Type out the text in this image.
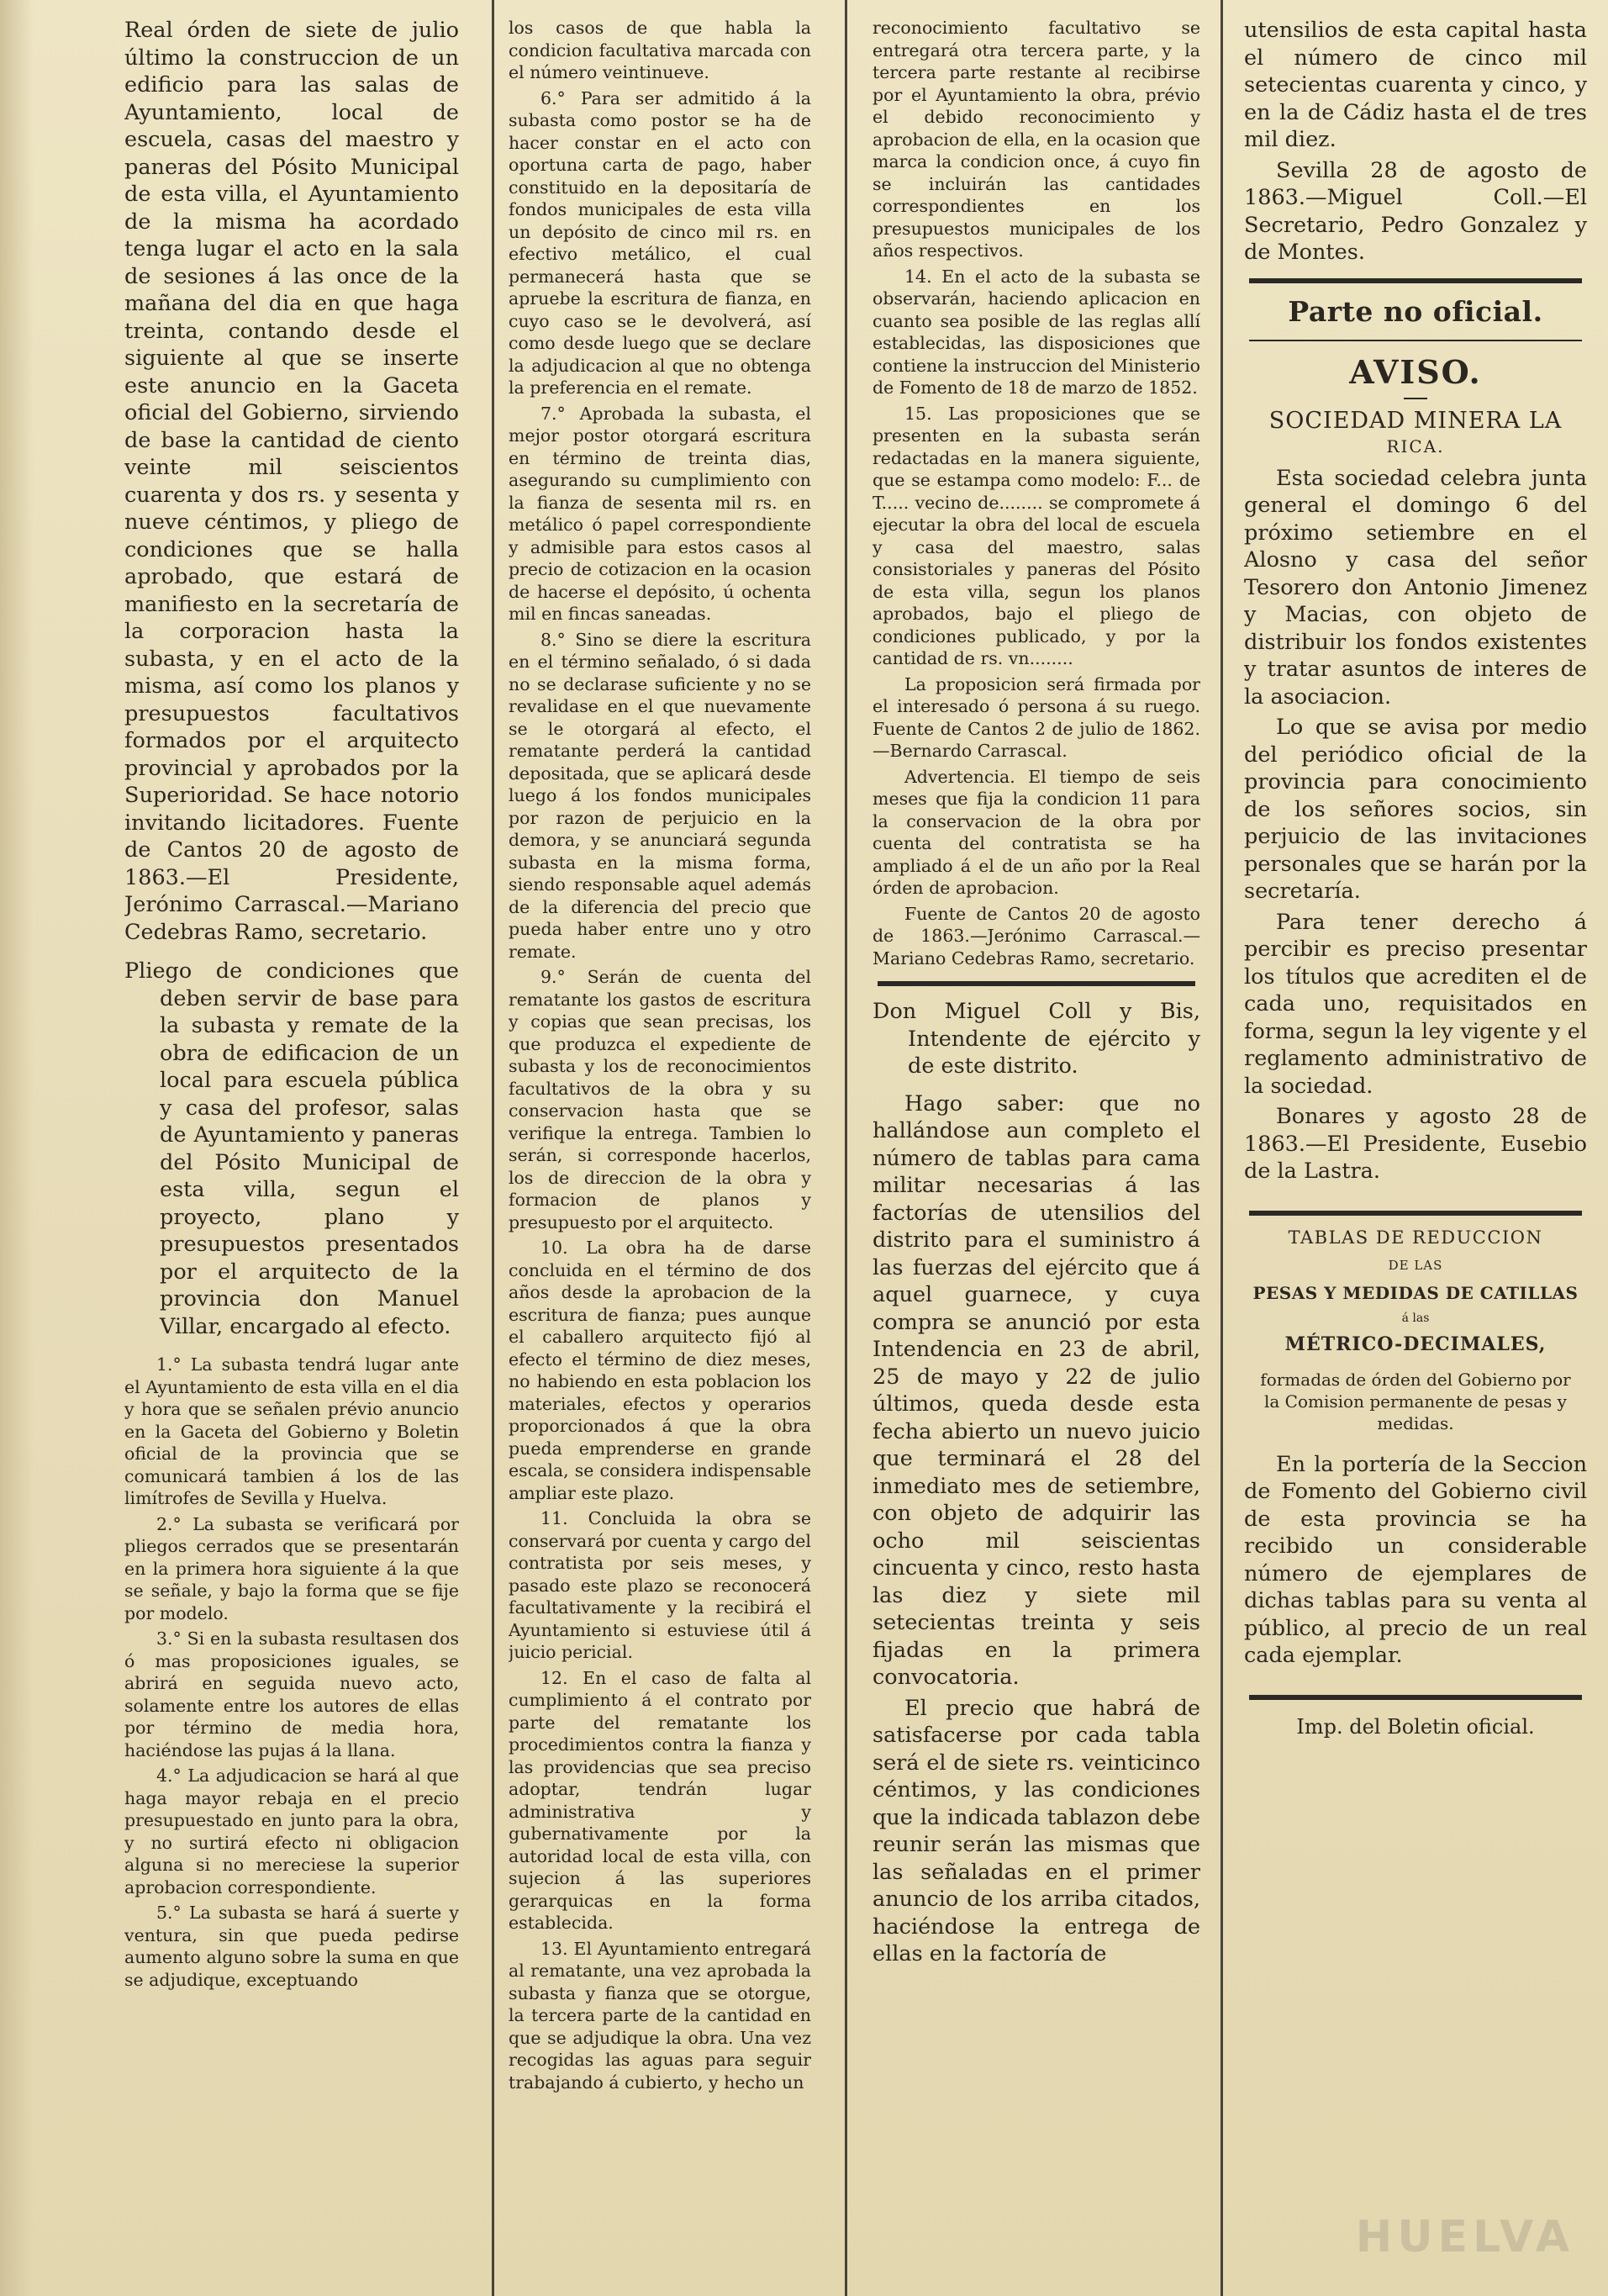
Real órden de siete de julio último la construccion de un edificio para las salas de Ayuntamiento, local de escuela, casas del maestro y paneras del Pósito Municipal de esta villa, el Ayuntamiento de la misma ha acordado tenga lugar el acto en la sala de sesiones á las once de la mañana del dia en que haga treinta, contando desde el siguiente al que se inserte este anuncio en la Gaceta oficial del Gobierno, sirviendo de base la cantidad de ciento veinte mil seiscientos cuarenta y dos rs. y sesenta y nueve céntimos, y pliego de condiciones que se halla aprobado, que estará de manifiesto en la secretaría de la corporacion hasta la subasta, y en el acto de la misma, así como los planos y presupuestos facultativos formados por el arquitecto provincial y aprobados por la Superioridad. Se hace notorio invitando licitadores. Fuente de Cantos 20 de agosto de 1863.—El Presidente, Jerónimo Carrascal.—Mariano Cedebras Ramo, secretario.

Pliego de condiciones que deben servir de base para la subasta y remate de la obra de edificacion de un local para escuela pública y casa del profesor, salas de Ayuntamiento y paneras del Pósito Municipal de esta villa, segun el proyecto, plano y presupuestos presentados por el arquitecto de la provincia don Manuel Villar, encargado al efecto.

1.° La subasta tendrá lugar ante el Ayuntamiento de esta villa en el dia y hora que se señalen prévio anuncio en la Gaceta del Gobierno y Boletin oficial de la provincia que se comunicará tambien á los de las limítrofes de Sevilla y Huelva.

2.° La subasta se verificará por pliegos cerrados que se presentarán en la primera hora siguiente á la que se señale, y bajo la forma que se fije por modelo.

3.° Si en la subasta resultasen dos ó mas proposiciones iguales, se abrirá en seguida nuevo acto, solamente entre los autores de ellas por término de media hora, haciéndose las pujas á la llana.

4.° La adjudicacion se hará al que haga mayor rebaja en el precio presupuestado en junto para la obra, y no surtirá efecto ni obligacion alguna si no mereciese la superior aprobacion correspondiente.

5.° La subasta se hará á suerte y ventura, sin que pueda pedirse aumento alguno sobre la suma en que se adjudique, exceptuando

los casos de que habla la condicion facultativa marcada con el número veintinueve.

6.° Para ser admitido á la subasta como postor se ha de hacer constar en el acto con oportuna carta de pago, haber constituido en la depositaría de fondos municipales de esta villa un depósito de cinco mil rs. en efectivo metálico, el cual permanecerá hasta que se apruebe la escritura de fianza, en cuyo caso se le devolverá, así como desde luego que se declare la adjudicacion al que no obtenga la preferencia en el remate.

7.° Aprobada la subasta, el mejor postor otorgará escritura en término de treinta dias, asegurando su cumplimiento con la fianza de sesenta mil rs. en metálico ó papel correspondiente y admisible para estos casos al precio de cotizacion en la ocasion de hacerse el depósito, ú ochenta mil en fincas saneadas.

8.° Sino se diere la escritura en el término señalado, ó si dada no se declarase suficiente y no se revalidase en el que nuevamente se le otorgará al efecto, el rematante perderá la cantidad depositada, que se aplicará desde luego á los fondos municipales por razon de perjuicio en la demora, y se anunciará segunda subasta en la misma forma, siendo responsable aquel además de la diferencia del precio que pueda haber entre uno y otro remate.

9.° Serán de cuenta del rematante los gastos de escritura y copias que sean precisas, los que produzca el expediente de subasta y los de reconocimientos facultativos de la obra y su conservacion hasta que se verifique la entrega. Tambien lo serán, si corresponde hacerlos, los de direccion de la obra y formacion de planos y presupuesto por el arquitecto.

10. La obra ha de darse concluida en el término de dos años desde la aprobacion de la escritura de fianza; pues aunque el caballero arquitecto fijó al efecto el término de diez meses, no habiendo en esta poblacion los materiales, efectos y operarios proporcionados á que la obra pueda emprenderse en grande escala, se considera indispensable ampliar este plazo.

11. Concluida la obra se conservará por cuenta y cargo del contratista por seis meses, y pasado este plazo se reconocerá facultativamente y la recibirá el Ayuntamiento si estuviese útil á juicio pericial.

12. En el caso de falta al cumplimiento á el contrato por parte del rematante los procedimientos contra la fianza y las providencias que sea preciso adoptar, tendrán lugar administrativa y gubernativamente por la autoridad local de esta villa, con sujecion á las superiores gerarquicas en la forma establecida.

13. El Ayuntamiento entregará al rematante, una vez aprobada la subasta y fianza que se otorgue, la tercera parte de la cantidad en que se adjudique la obra. Una vez recogidas las aguas para seguir trabajando á cubierto, y hecho un

reconocimiento facultativo se entregará otra tercera parte, y la tercera parte restante al recibirse por el Ayuntamiento la obra, prévio el debido reconocimiento y aprobacion de ella, en la ocasion que marca la condicion once, á cuyo fin se incluirán las cantidades correspondientes en los presupuestos municipales de los años respectivos.

14. En el acto de la subasta se observarán, haciendo aplicacion en cuanto sea posible de las reglas allí establecidas, las disposiciones que contiene la instruccion del Ministerio de Fomento de 18 de marzo de 1852.

15. Las proposiciones que se presenten en la subasta serán redactadas en la manera siguiente, que se estampa como modelo: F... de T..... vecino de........ se compromete á ejecutar la obra del local de escuela y casa del maestro, salas consistoriales y paneras del Pósito de esta villa, segun los planos aprobados, bajo el pliego de condiciones publicado, y por la cantidad de rs. vn........

La proposicion será firmada por el interesado ó persona á su ruego. Fuente de Cantos 2 de julio de 1862.—Bernardo Carrascal.

Advertencia. El tiempo de seis meses que fija la condicion 11 para la conservacion de la obra por cuenta del contratista se ha ampliado á el de un año por la Real órden de aprobacion.

Fuente de Cantos 20 de agosto de 1863.—Jerónimo Carrascal.—Mariano Cedebras Ramo, secretario.

Don Miguel Coll y Bis, Intendente de ejército y de este distrito.

Hago saber: que no hallándose aun completo el número de tablas para cama militar necesarias á las factorías de utensilios del distrito para el suministro á las fuerzas del ejército que á aquel guarnece, y cuya compra se anunció por esta Intendencia en 23 de abril, 25 de mayo y 22 de julio últimos, queda desde esta fecha abierto un nuevo juicio que terminará el 28 del inmediato mes de setiembre, con objeto de adquirir las ocho mil seiscientas cincuenta y cinco, resto hasta las diez y siete mil setecientas treinta y seis fijadas en la primera convocatoria.

El precio que habrá de satisfacerse por cada tabla será el de siete rs. veinticinco céntimos, y las condiciones que la indicada tablazon debe reunir serán las mismas que las señaladas en el primer anuncio de los arriba citados, haciéndose la entrega de ellas en la factoría de

utensilios de esta capital hasta el número de cinco mil setecientas cuarenta y cinco, y en la de Cádiz hasta el de tres mil diez.

Sevilla 28 de agosto de 1863.—Miguel Coll.—El Secretario, Pedro Gonzalez y de Montes.

Parte no oficial.
AVISO.
SOCIEDAD MINERA LA
RICA.

Esta sociedad celebra junta general el domingo 6 del próximo setiembre en el Alosno y casa del señor Tesorero don Antonio Jimenez y Macias, con objeto de distribuir los fondos existentes y tratar asuntos de interes de la asociacion.

Lo que se avisa por medio del periódico oficial de la provincia para conocimiento de los señores socios, sin perjuicio de las invitaciones personales que se harán por la secretaría.

Para tener derecho á percibir es preciso presentar los títulos que acrediten el de cada uno, requisitados en forma, segun la ley vigente y el reglamento administrativo de la sociedad.

Bonares y agosto 28 de 1863.—El Presidente, Eusebio de la Lastra.

TABLAS DE REDUCCION
DE LAS
PESAS Y MEDIDAS DE CATILLAS
á las
MÉTRICO-DECIMALES,
formadas de órden del Gobierno por la Comision permanente de pesas y medidas.

En la portería de la Seccion de Fomento del Gobierno civil de esta provincia se ha recibido un considerable número de ejemplares de dichas tablas para su venta al público, al precio de un real cada ejemplar.

Imp. del Boletin oficial.
HUELVA
